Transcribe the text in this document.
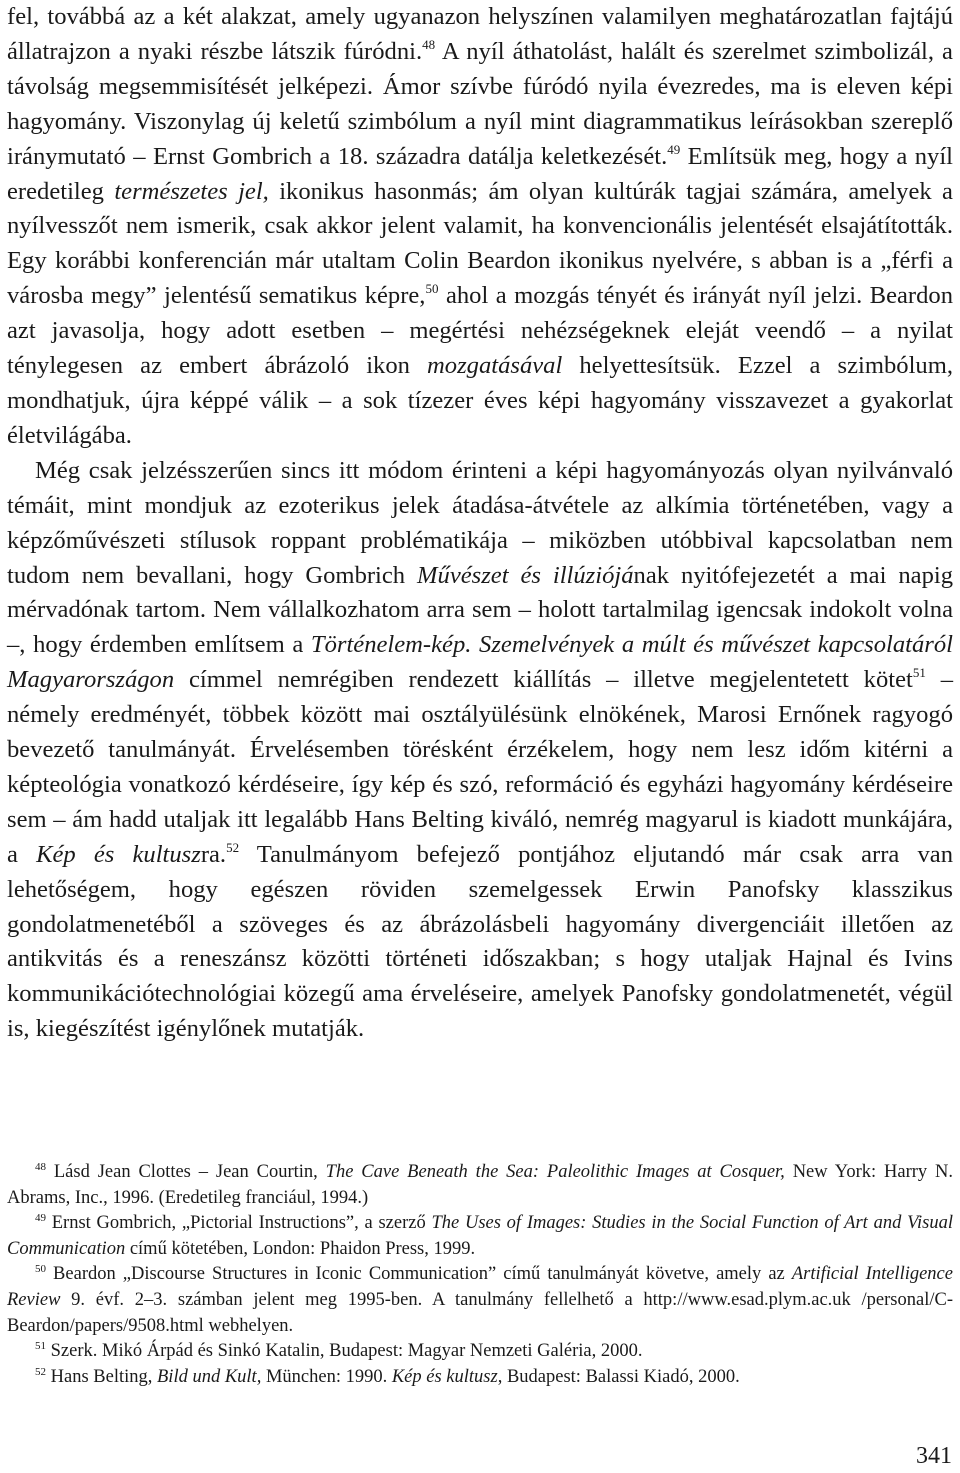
fel, továbbá az a két alakzat, amely ugyanazon helyszínen valamilyen meghatározatlan fajtájú állatrajzon a nyaki részbe látszik fúródni.$^{48}$ A nyíl áthatolást, halált és szerelmet szimbolizál, a távolság megsemmisítését jelképezi. Ámor szívbe fúródó nyila évezredes, ma is eleven képi hagyomány. Viszonylag új keletű szimbólum a nyíl mint diagrammatikus leírásokban szereplő iránymutató – Ernst Gombrich a 18. századra datálja keletkezését.$^{49}$ Említsük meg, hogy a nyíl eredetileg természetes jel, ikonikus hasonmás; ám olyan kultúrák tagjai számára, amelyek a nyílvesszőt nem ismerik, csak akkor jelent valamit, ha konvencionális jelentését elsajátították. Egy korábbi konferencián már utaltam Colin Beardon ikonikus nyelvére, s abban is a „férfi a városba megy” jelentésű sematikus képre,$^{50}$ ahol a mozgás tényét és irányát nyíl jelzi. Beardon azt javasolja, hogy adott esetben – megértési nehézségeknek eleját veendő – a nyilat ténylegesen az embert ábrázoló ikon mozgatásával helyettesítsük. Ezzel a szimbólum, mondhatjuk, újra képpé válik – a sok tízezer éves képi hagyomány visszavezet a gyakorlat életvilágába.

Még csak jelzésszerűen sincs itt módom érinteni a képi hagyományozás olyan nyilvánvaló témáit, mint mondjuk az ezoterikus jelek átadása-átvétele az alkímia történetében, vagy a képzőművészeti stílusok roppant problématikája – miközben utóbbival kapcsolatban nem tudom nem bevallani, hogy Gombrich Művészet és illúziójának nyitófejezetét a mai napig mérvadónak tartom. Nem vállalkozhatom arra sem – holott tartalmilag igencsak indokolt volna –, hogy érdemben említsem a Történelem-kép. Szemelvények a múlt és művészet kapcsolatáról Magyarországon címmel nemrégiben rendezett kiállítás – illetve megjelentetett kötet$^{51}$ – némely eredményét, többek között mai osztályülésünk elnökének, Marosi Ernőnek ragyogó bevezető tanulmányát. Érvelésemben törésként érzékelem, hogy nem lesz időm kitérni a képteológia vonatkozó kérdéseire, így kép és szó, reformáció és egyházi hagyomány kérdéseire sem – ám hadd utaljak itt legalább Hans Belting kiváló, nemrég magyarul is kiadott munkájára, a Kép és kultuszra.$^{52}$ Tanulmányom befejező pontjához eljutandó már csak arra van lehetőségem, hogy egészen röviden szemelgessek Erwin Panofsky klasszikus gondolatmenetéből a szöveges és az ábrázolásbeli hagyomány divergenciáit illetően az antikvitás és a reneszánsz közötti történeti időszakban; s hogy utaljak Hajnal és Ivins kommunikációtechnológiai közegű ama érveléseire, amelyek Panofsky gondolatmenetét, végül is, kiegészítést igénylőnek mutatják.

$^{48}$ Lásd Jean Clottes – Jean Courtin, The Cave Beneath the Sea: Paleolithic Images at Cosquer, New York: Harry N. Abrams, Inc., 1996. (Eredetileg franciául, 1994.)

$^{49}$ Ernst Gombrich, „Pictorial Instructions”, a szerző The Uses of Images: Studies in the Social Function of Art and Visual Communication című kötetében, London: Phaidon Press, 1999.

$^{50}$ Beardon „Discourse Structures in Iconic Communication” című tanulmányát követve, amely az Artificial Intelligence Review 9. évf. 2–3. számban jelent meg 1995-ben. A tanulmány fellelhető a http://www.esad.plym.ac.uk /personal/C-Beardon/papers/9508.html webhelyen.

$^{51}$ Szerk. Mikó Árpád és Sinkó Katalin, Budapest: Magyar Nemzeti Galéria, 2000.

$^{52}$ Hans Belting, Bild und Kult, München: 1990. Kép és kultusz, Budapest: Balassi Kiadó, 2000.

341
